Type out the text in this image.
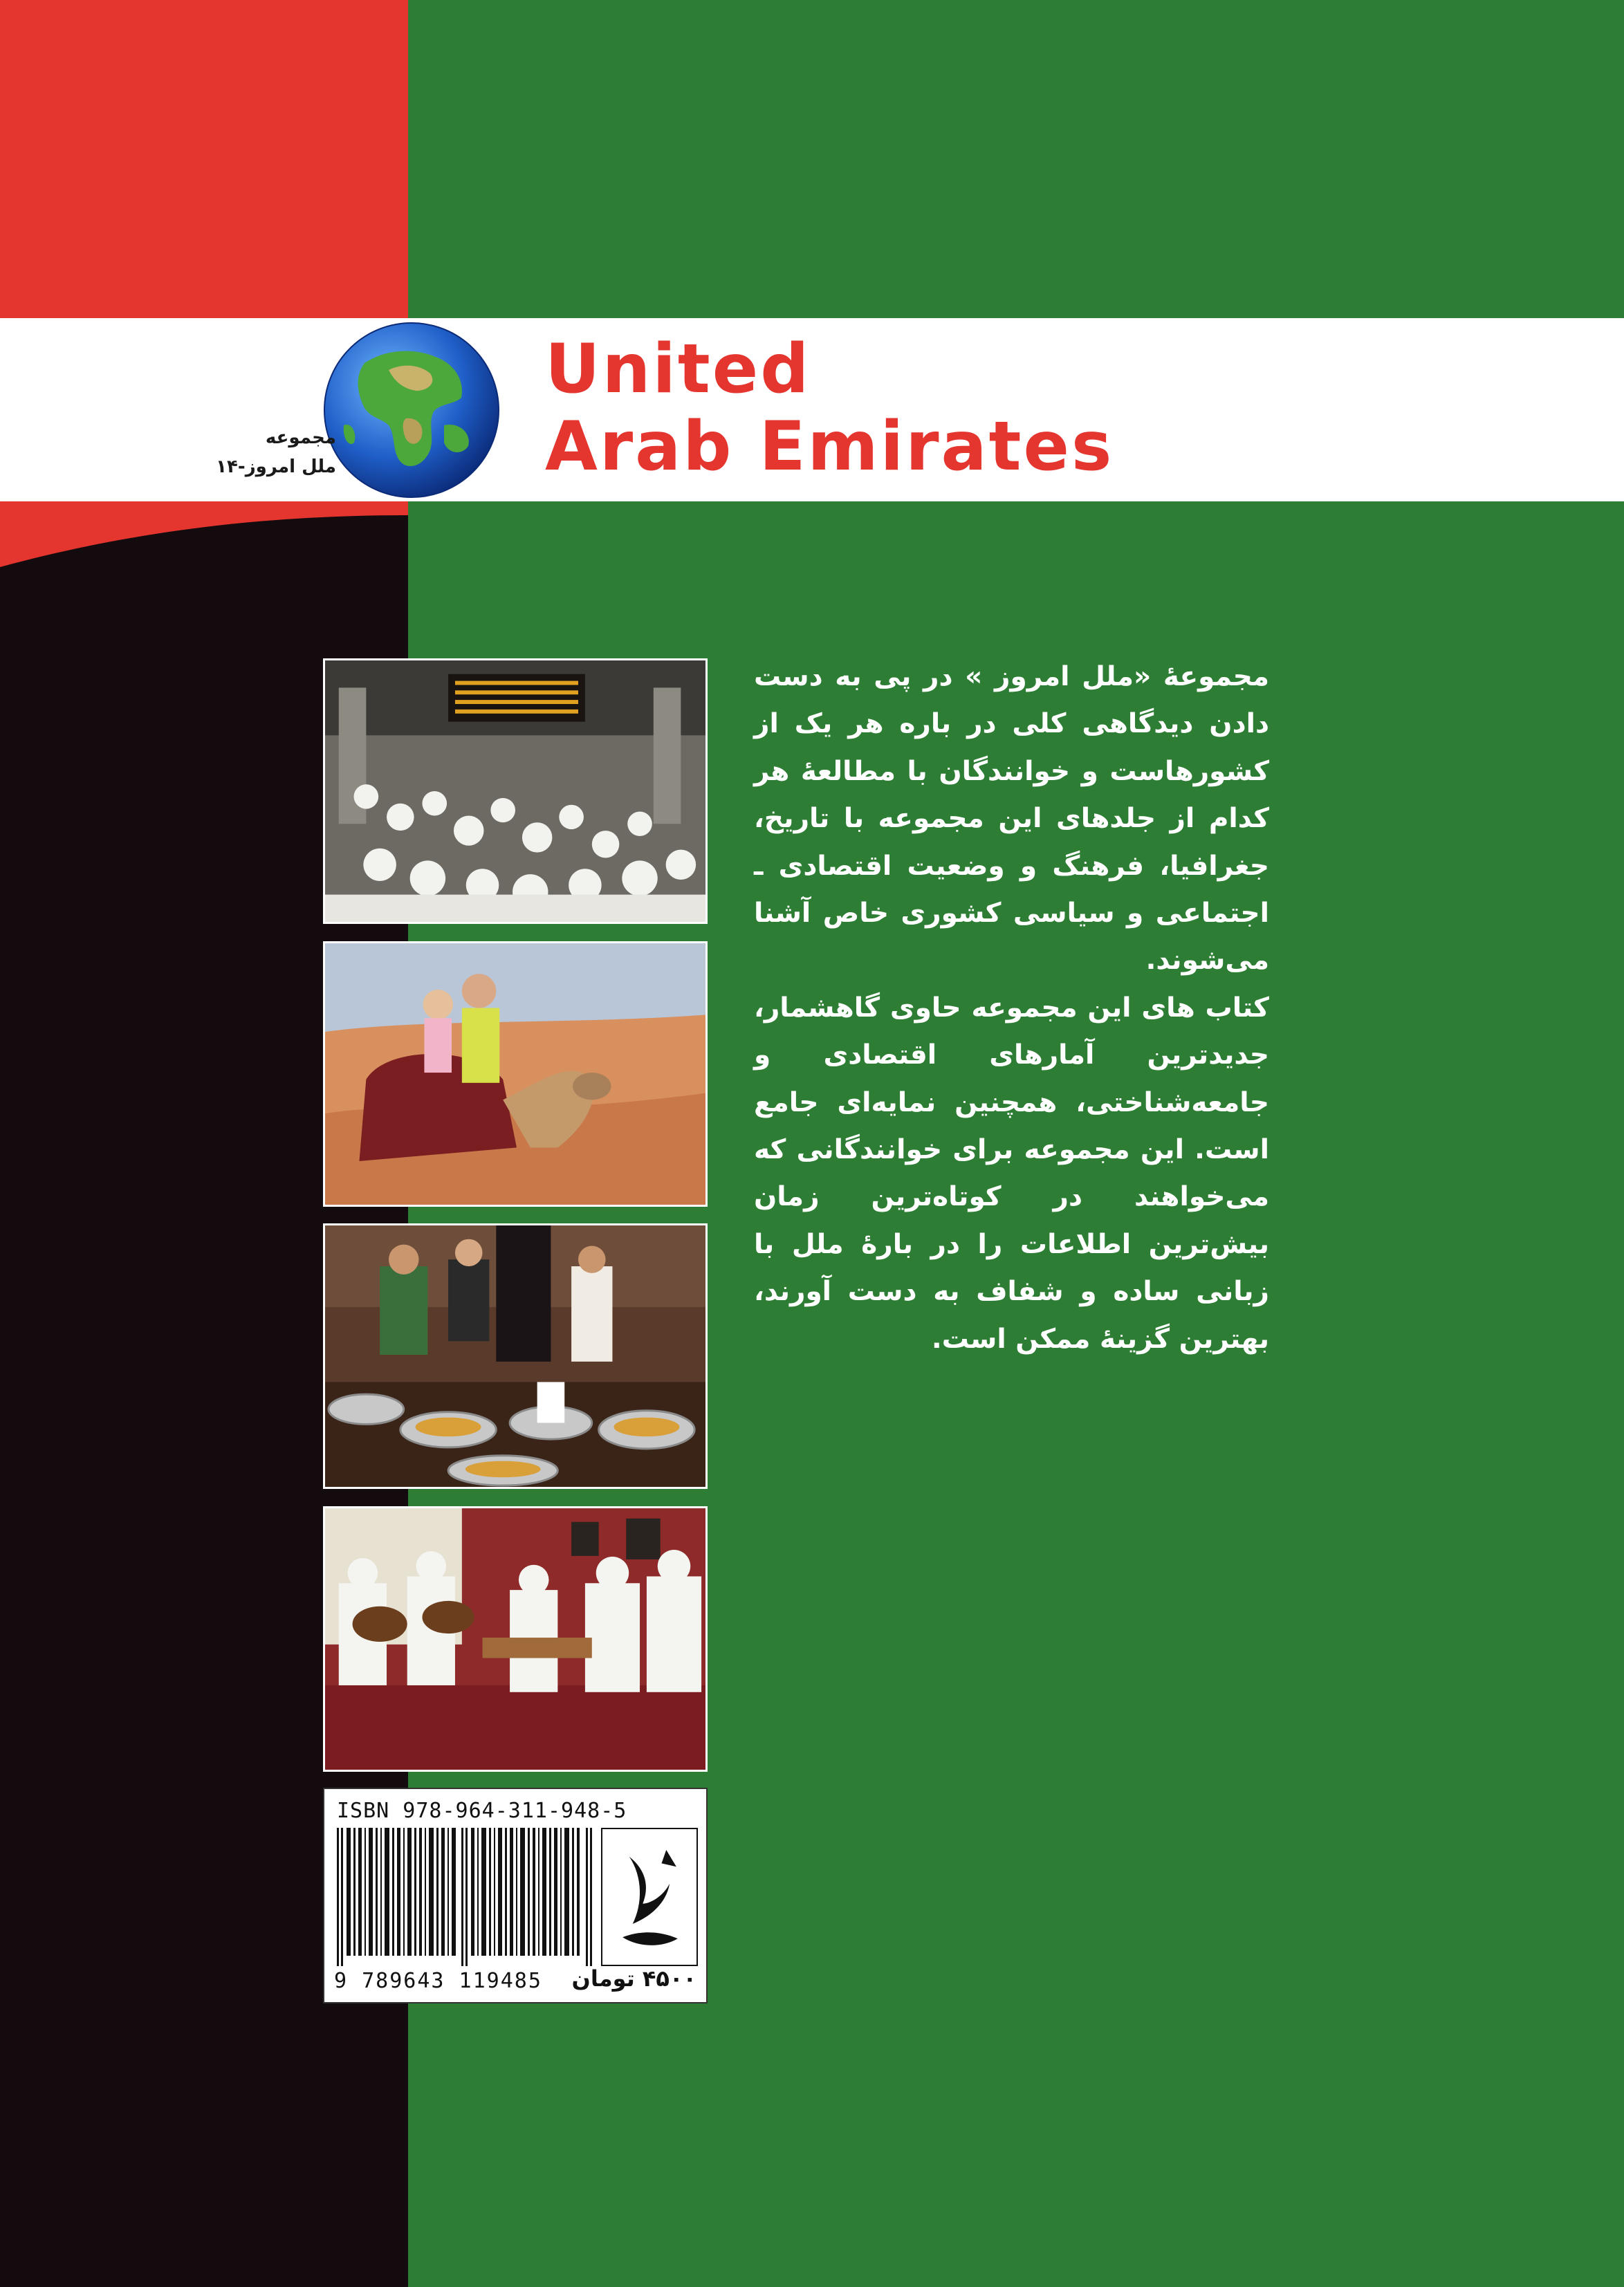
مجموعه
ملل امروز-۱۴
United
Arab Emirates

مجموعهٔ «ملل امروز » در پی به دست دادن دیدگاهی کلی در باره هر یک از کشورهاست و خوانندگان با مطالعهٔ هر کدام از جلدهای این مجموعه با تاریخ، جغرافیا، فرهنگ و وضعیت اقتصادی ـ اجتماعی و سیاسی کشوری خاص آشنا می‌شوند.

کتاب های این مجموعه حاوی گاهشمار، جدیدترین آمارهای اقتصادی و جامعه‌شناختی، همچنین نمایه‌ای جامع است. این مجموعه برای خوانندگانی که می‌خواهند در کوتاه‌ترین زمان بیش‌ترین اطلاعات را در بارهٔ ملل با زبانی ساده و شفاف به دست آورند، بهترین گزینهٔ ممکن است.

ISBN 978-964-311-948-5
9 789643 119485 ۴۵۰۰ تومان
